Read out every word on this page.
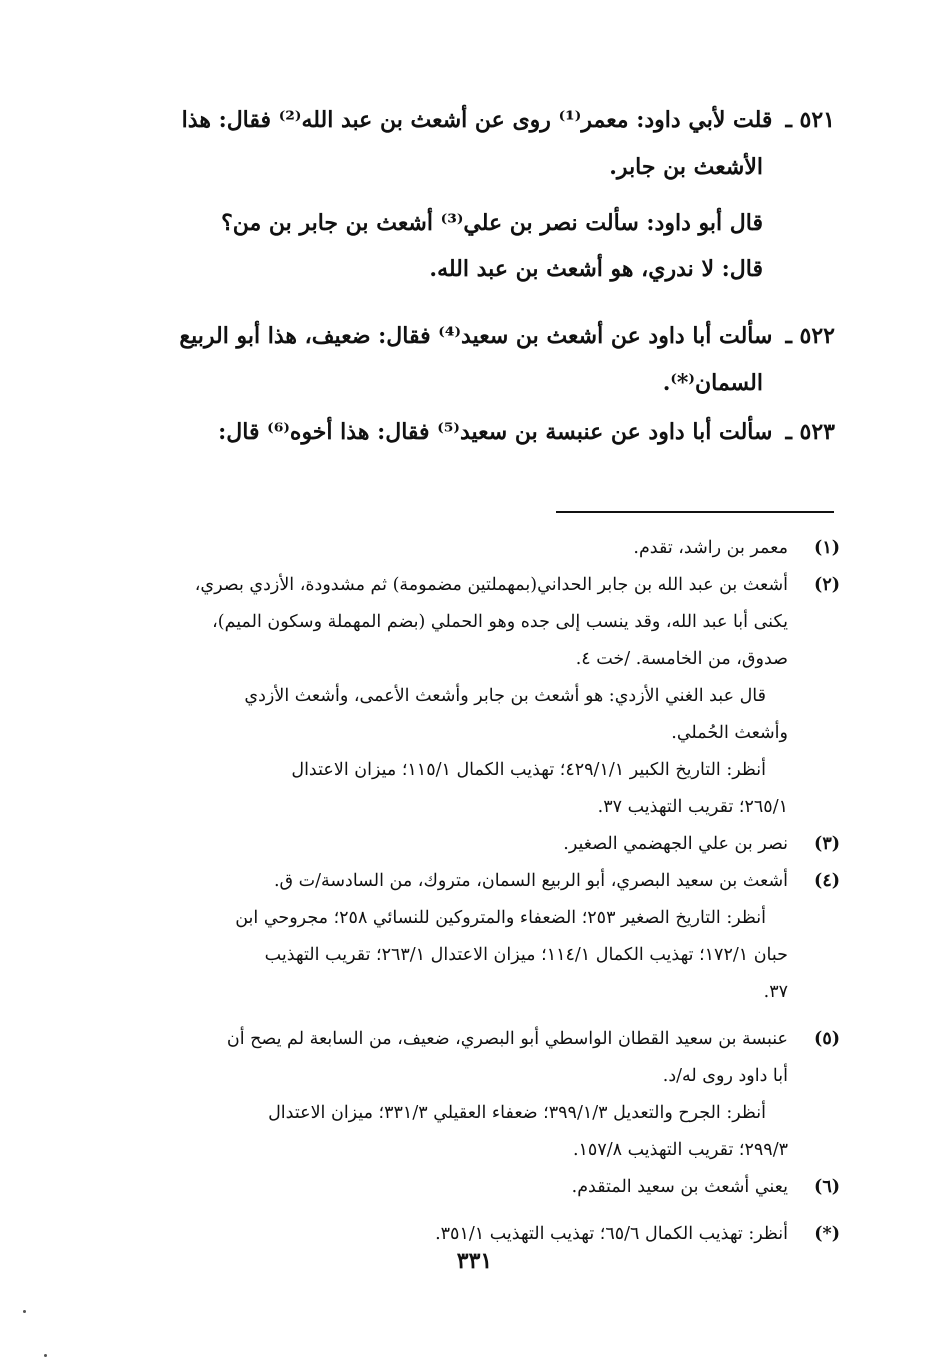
٥٢١ ـ قلت لأبي داود: معمر⁽¹⁾ روى عن أشعث بن عبد الله⁽²⁾ فقال: هذا
الأشعث بن جابر.
قال أبو داود: سألت نصر بن علي⁽³⁾ أشعث بن جابر بن من؟
قال: لا ندري، هو أشعث بن عبد الله.
٥٢٢ ـ سألت أبا داود عن أشعث بن سعيد⁽⁴⁾ فقال: ضعيف، هذا أبو الربيع
السمان⁽*⁾.
٥٢٣ ـ سألت أبا داود عن عنبسة بن سعيد⁽⁵⁾ فقال: هذا أخوه⁽⁶⁾ قال:
(١)
معمر بن راشد، تقدم.
(٢)
أشعث بن عبد الله بن جابر الحداني(بمهملتين مضمومة) ثم مشدودة، الأزدي بصري،
يكنى أبا عبد الله، وقد ينسب إلى جده وهو الحملي (بضم المهملة وسكون الميم)،
صدوق، من الخامسة. /خت ٤.
قال عبد الغني الأزدي: هو أشعث بن جابر وأشعث الأعمى، وأشعث الأزدي
وأشعث الحُملي.
أنظر: التاريخ الكبير ٤٢٩/١/١؛ تهذيب الكمال ١١٥/١؛ ميزان الاعتدال
٢٦٥/١؛ تقريب التهذيب ٣٧.
(٣)
نصر بن علي الجهضمي الصغير.
(٤)
أشعث بن سعيد البصري، أبو الربيع السمان، متروك، من السادسة/ت ق.
أنظر: التاريخ الصغير ٢٥٣؛ الضعفاء والمتروكين للنسائي ٢٥٨؛ مجروحي ابن
حبان ١٧٢/١؛ تهذيب الكمال ١١٤/١؛ ميزان الاعتدال ٢٦٣/١؛ تقريب التهذيب
٣٧.
(٥)
عنبسة بن سعيد القطان الواسطي أبو البصري، ضعيف، من السابعة لم يصح أن
أبا داود روى له/د.
أنظر: الجرح والتعديل ٣٩٩/١/٣؛ ضعفاء العقيلي ٣٣١/٣؛ ميزان الاعتدال
٢٩٩/٣؛ تقريب التهذيب ١٥٧/٨.
(٦)
يعني أشعث بن سعيد المتقدم.
(*)
أنظر: تهذيب الكمال ٦٥/٦؛ تهذيب التهذيب ٣٥١/١.
٣٣١
